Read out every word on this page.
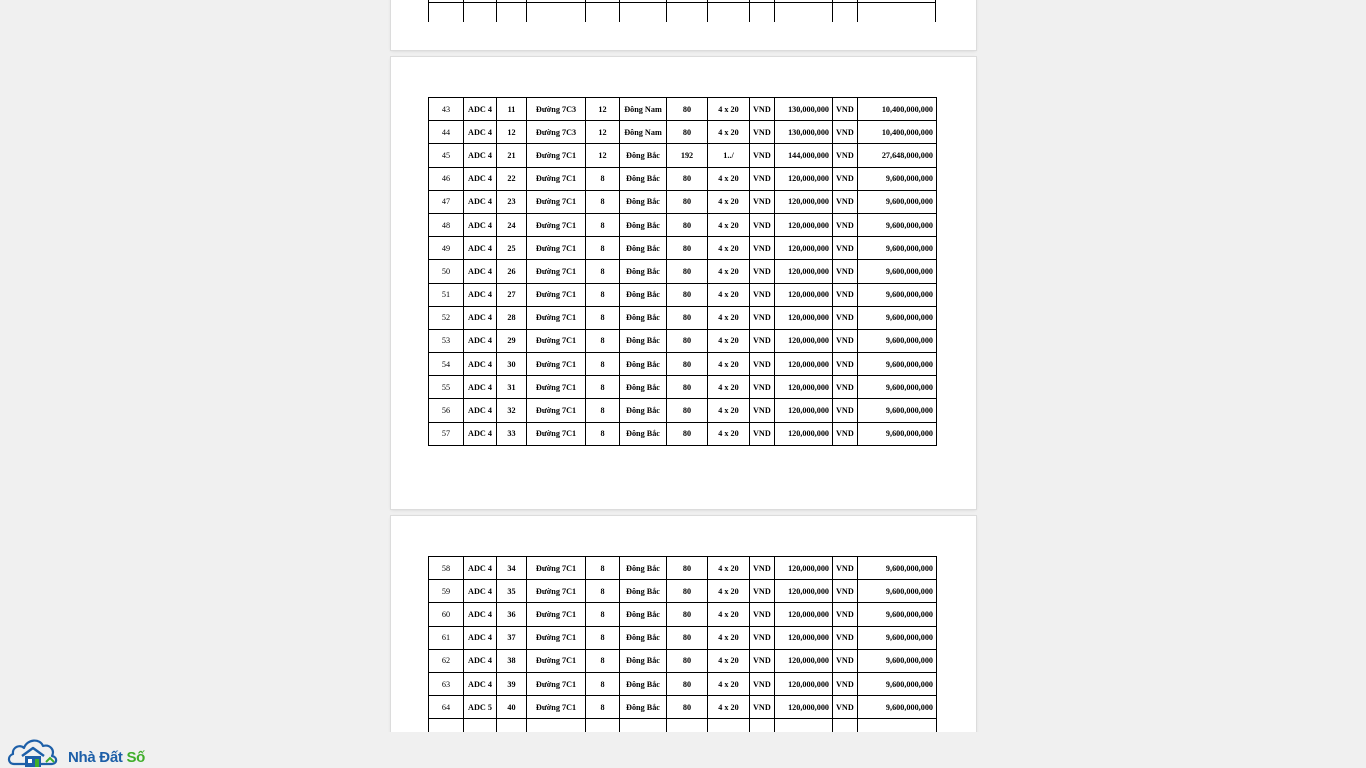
43	ADC 4	11	Đường 7C3	12	Đông Nam	80	4 x 20	VND	130,000,000	VND	10,400,000,000
44	ADC 4	12	Đường 7C3	12	Đông Nam	80	4 x 20	VND	130,000,000	VND	10,400,000,000
45	ADC 4	21	Đường 7C1	12	Đông Bắc	192	1../	VND	144,000,000	VND	27,648,000,000
46	ADC 4	22	Đường 7C1	8	Đông Bắc	80	4 x 20	VND	120,000,000	VND	9,600,000,000
47	ADC 4	23	Đường 7C1	8	Đông Bắc	80	4 x 20	VND	120,000,000	VND	9,600,000,000
48	ADC 4	24	Đường 7C1	8	Đông Bắc	80	4 x 20	VND	120,000,000	VND	9,600,000,000
49	ADC 4	25	Đường 7C1	8	Đông Bắc	80	4 x 20	VND	120,000,000	VND	9,600,000,000
50	ADC 4	26	Đường 7C1	8	Đông Bắc	80	4 x 20	VND	120,000,000	VND	9,600,000,000
51	ADC 4	27	Đường 7C1	8	Đông Bắc	80	4 x 20	VND	120,000,000	VND	9,600,000,000
52	ADC 4	28	Đường 7C1	8	Đông Bắc	80	4 x 20	VND	120,000,000	VND	9,600,000,000
53	ADC 4	29	Đường 7C1	8	Đông Bắc	80	4 x 20	VND	120,000,000	VND	9,600,000,000
54	ADC 4	30	Đường 7C1	8	Đông Bắc	80	4 x 20	VND	120,000,000	VND	9,600,000,000
55	ADC 4	31	Đường 7C1	8	Đông Bắc	80	4 x 20	VND	120,000,000	VND	9,600,000,000
56	ADC 4	32	Đường 7C1	8	Đông Bắc	80	4 x 20	VND	120,000,000	VND	9,600,000,000
57	ADC 4	33	Đường 7C1	8	Đông Bắc	80	4 x 20	VND	120,000,000	VND	9,600,000,000
58	ADC 4	34	Đường 7C1	8	Đông Bắc	80	4 x 20	VND	120,000,000	VND	9,600,000,000
59	ADC 4	35	Đường 7C1	8	Đông Bắc	80	4 x 20	VND	120,000,000	VND	9,600,000,000
60	ADC 4	36	Đường 7C1	8	Đông Bắc	80	4 x 20	VND	120,000,000	VND	9,600,000,000
61	ADC 4	37	Đường 7C1	8	Đông Bắc	80	4 x 20	VND	120,000,000	VND	9,600,000,000
62	ADC 4	38	Đường 7C1	8	Đông Bắc	80	4 x 20	VND	120,000,000	VND	9,600,000,000
63	ADC 4	39	Đường 7C1	8	Đông Bắc	80	4 x 20	VND	120,000,000	VND	9,600,000,000
64	ADC 5	40	Đường 7C1	8	Đông Bắc	80	4 x 20	VND	120,000,000	VND	9,600,000,000

Nhà Đất Số
